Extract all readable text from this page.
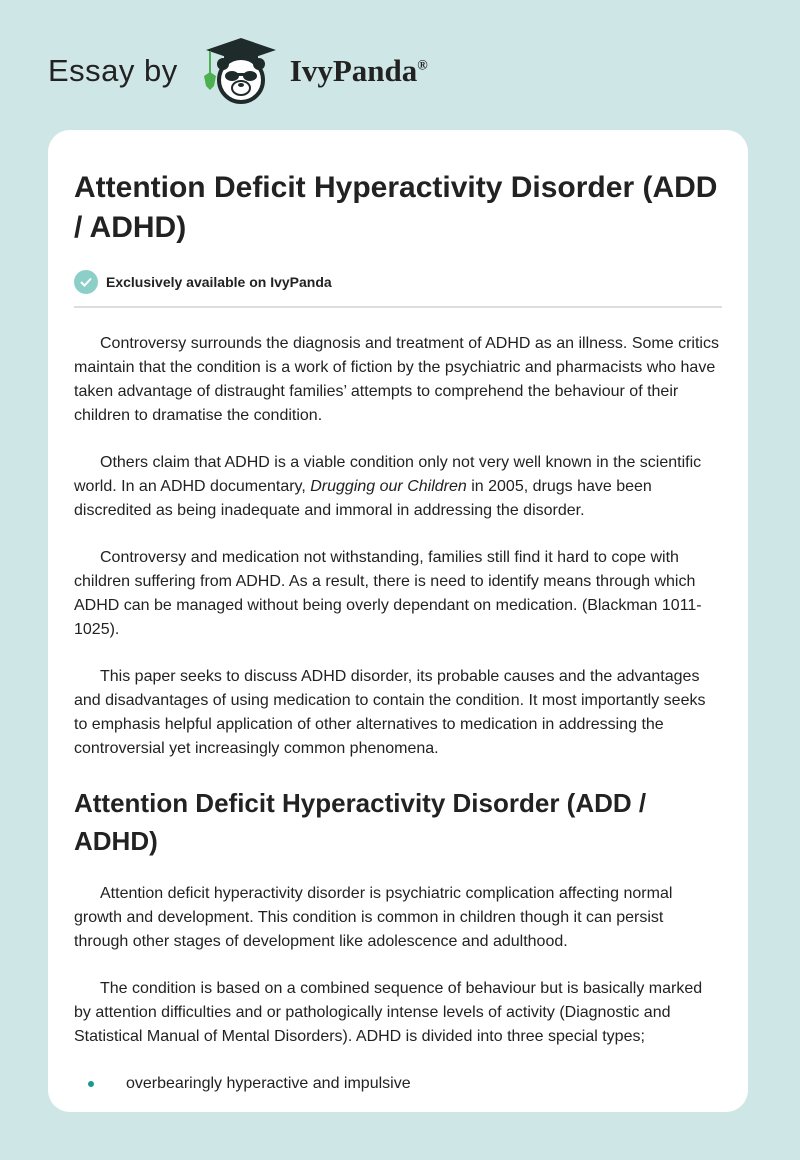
Essay by	IvyPanda®
Attention Deficit Hyperactivity Disorder (ADD / ADHD)
Exclusively available on IvyPanda

Controversy surrounds the diagnosis and treatment of ADHD as an illness. Some critics maintain that the condition is a work of fiction by the psychiatric and pharmacists who have taken advantage of distraught families’ attempts to comprehend the behaviour of their children to dramatise the condition.

Others claim that ADHD is a viable condition only not very well known in the scientific world. In an ADHD documentary, Drugging our Children in 2005, drugs have been discredited as being inadequate and immoral in addressing the disorder.

Controversy and medication not withstanding, families still find it hard to cope with children suffering from ADHD. As a result, there is need to identify means through which ADHD can be managed without being overly dependant on medication. (Blackman 1011-1025).

This paper seeks to discuss ADHD disorder, its probable causes and the advantages and disadvantages of using medication to contain the condition. It most importantly seeks to emphasis helpful application of other alternatives to medication in addressing the controversial yet increasingly common phenomena.

Attention Deficit Hyperactivity Disorder (ADD / ADHD)

Attention deficit hyperactivity disorder is psychiatric complication affecting normal growth and development. This condition is common in children though it can persist through other stages of development like adolescence and adulthood.

The condition is based on a combined sequence of behaviour but is basically marked by attention difficulties and or pathologically intense levels of activity (Diagnostic and Statistical Manual of Mental Disorders). ADHD is divided into three special types;

overbearingly hyperactive and impulsive
